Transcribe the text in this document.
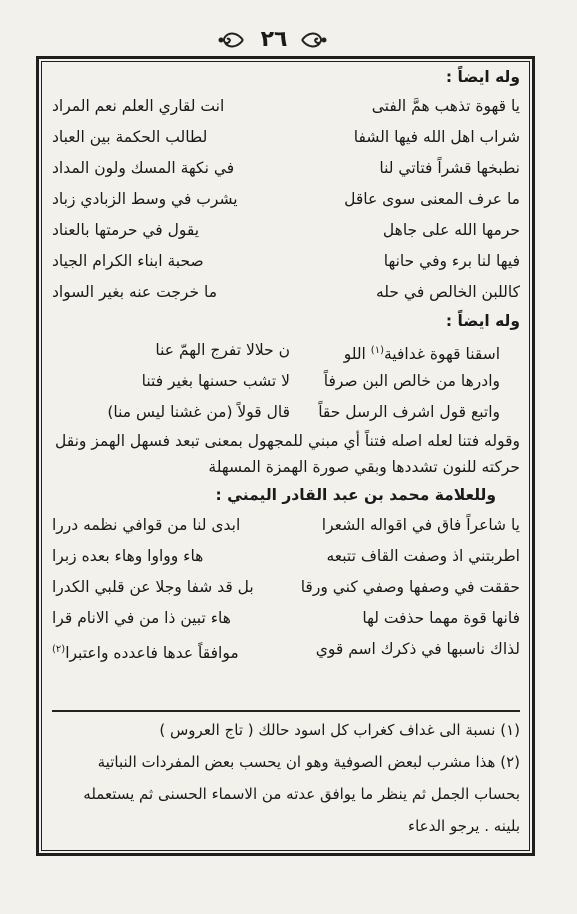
٢٦
وله ايضاً :
يا قهوة تذهب همَّ الفتى
انت لقاري العلم نعم المراد
شراب اهل الله فيها الشفا
لطالب الحكمة بين العباد
نطبخها قشراً فتاتي لنا
في نكهة المسك ولون المداد
ما عرف المعنى سوى عاقل
يشرب في وسط الزبادي زباد
حرمها الله على جاهل
يقول في حرمتها بالعناد
فيها لنا برء وفي حانها
صحبة ابناء الكرام الجياد
كاللبن الخالص في حله
ما خرجت عنه بغير السواد
وله ايضاً :
اسقنا قهوة غدافية$^{(١)}$ اللو
ن حلالا تفرج الهمّ عنا
وادرها من خالص البن صرفاً
لا تشب حسنها بغير فتنا
واتبع قول اشرف الرسل حقاً
قال قولاً (من غشنا ليس منا)
وقوله فتنا لعله اصله فتناً أي مبني للمجهول بمعنى تبعد فسهل الهمز ونقل
حركته للنون تشددها وبقي صورة الهمزة المسهلة
وللعلامة محمد بن عبد القادر اليمني :
يا شاعراً فاق في اقواله الشعرا
ابدى لنا من قوافي نظمه دررا
اطربتني اذ وصفت القاف تتبعه
هاء وواوا وهاء بعده زبرا
حققت في وصفها وصفي كني ورقا
بل قد شفا وجلا عن قلبي الكدرا
فانها قوة مهما حذفت لها
هاء تبين ذا من في الانام قرا
لذاك ناسبها في ذكرك اسم قوي
موافقاً عدها فاعدده واعتبرا$^{(٢)}$
(١) نسبة الى غداف كغراب كل اسود حالك ( تاج العروس )
(٢) هذا مشرب لبعض الصوفية وهو ان يحسب بعض المفردات النباتية
بحساب الجمل ثم ينظر ما يوافق عدته من الاسماء الحسنى ثم يستعمله
بلينه . يرجو الدعاء
